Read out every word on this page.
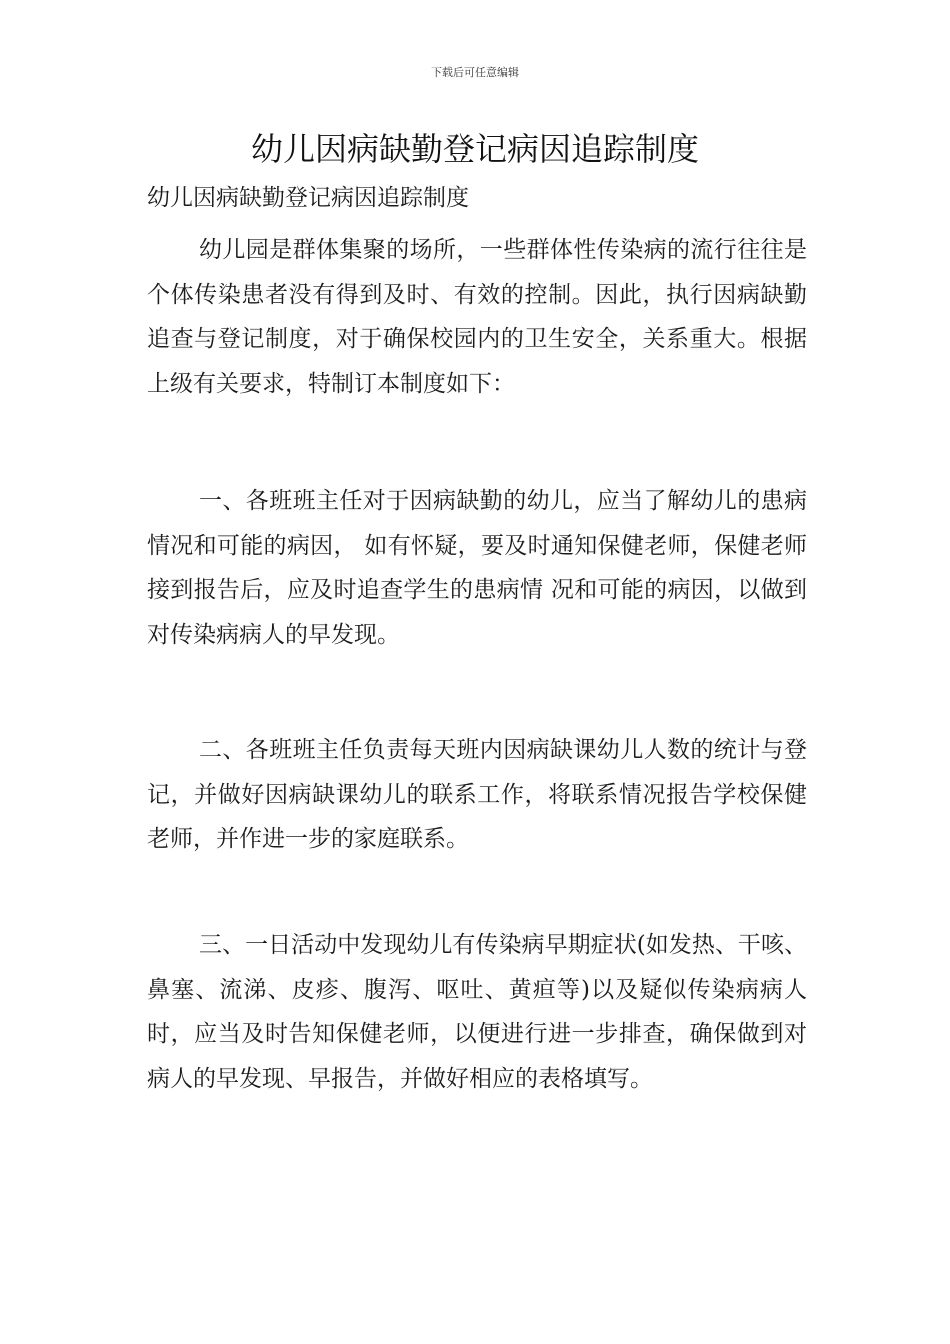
下载后可任意编辑
幼儿因病缺勤登记病因追踪制度
幼儿因病缺勤登记病因追踪制度

幼儿园是群体集聚的场所，一些群体性传染病的流行往往是个体传染患者没有得到及时、有效的控制。因此，执行因病缺勤追查与登记制度，对于确保校园内的卫生安全，关系重大。根据上级有关要求，特制订本制度如下：

一、各班班主任对于因病缺勤的幼儿，应当了解幼儿的患病情况和可能的病因， 如有怀疑，要及时通知保健老师，保健老师接到报告后，应及时追查学生的患病情 况和可能的病因，以做到对传染病病人的早发现。

二、各班班主任负责每天班内因病缺课幼儿人数的统计与登记，并做好因病缺课幼儿的联系工作，将联系情况报告学校保健老师，并作进一步的家庭联系。

三、一日活动中发现幼儿有传染病早期症状(如发热、干咳、鼻塞、流涕、皮疹、腹泻、呕吐、黄疸等)以及疑似传染病病人时，应当及时告知保健老师，以便进行进一步排查，确保做到对病人的早发现、早报告，并做好相应的表格填写。
